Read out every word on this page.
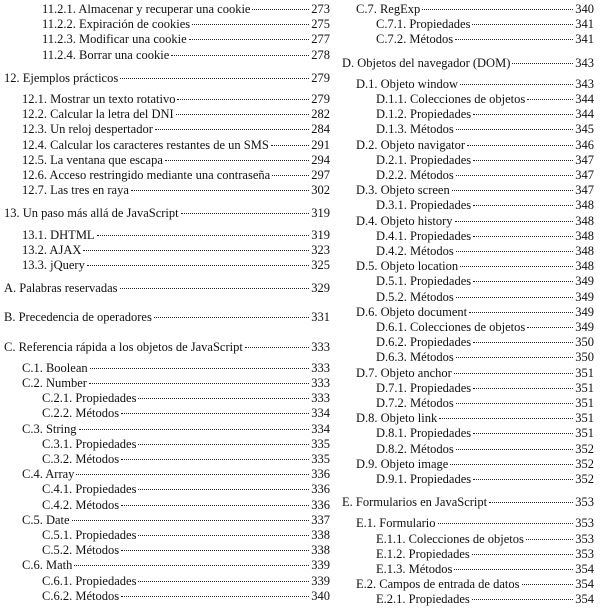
11.2.1. Almacenar y recuperar una cookie	273
11.2.2. Expiración de cookies	275
11.2.3. Modificar una cookie	277
11.2.4. Borrar una cookie	278
12. Ejemplos prácticos	279
12.1. Mostrar un texto rotativo	279
12.2. Calcular la letra del DNI	282
12.3. Un reloj despertador	284
12.4. Calcular los caracteres restantes de un SMS	291
12.5. La ventana que escapa	294
12.6. Acceso restringido mediante una contraseña	297
12.7. Las tres en raya	302
13. Un paso más allá de JavaScript	319
13.1. DHTML	319
13.2. AJAX	323
13.3. jQuery	325
A. Palabras reservadas	329
B. Precedencia de operadores	331
C. Referencia rápida a los objetos de JavaScript	333
C.1. Boolean	333
C.2. Number	333
C.2.1. Propiedades	333
C.2.2. Métodos	334
C.3. String	334
C.3.1. Propiedades	335
C.3.2. Métodos	335
C.4. Array	336
C.4.1. Propiedades	336
C.4.2. Métodos	336
C.5. Date	337
C.5.1. Propiedades	338
C.5.2. Métodos	338
C.6. Math	339
C.6.1. Propiedades	339
C.6.2. Métodos	340
C.7. RegExp	340
C.7.1. Propiedades	341
C.7.2. Métodos	341
D. Objetos del navegador (DOM)	343
D.1. Objeto window	343
D.1.1. Colecciones de objetos	344
D.1.2. Propiedades	344
D.1.3. Métodos	345
D.2. Objeto navigator	346
D.2.1. Propiedades	347
D.2.2. Métodos	347
D.3. Objeto screen	347
D.3.1. Propiedades	348
D.4. Objeto history	348
D.4.1. Propiedades	348
D.4.2. Métodos	348
D.5. Objeto location	348
D.5.1. Propiedades	349
D.5.2. Métodos	349
D.6. Objeto document	349
D.6.1. Colecciones de objetos	349
D.6.2. Propiedades	350
D.6.3. Métodos	350
D.7. Objeto anchor	351
D.7.1. Propiedades	351
D.7.2. Métodos	351
D.8. Objeto link	351
D.8.1. Propiedades	351
D.8.2. Métodos	352
D.9. Objeto image	352
D.9.1. Propiedades	352
E. Formularios en JavaScript	353
E.1. Formulario	353
E.1.1. Colecciones de objetos	353
E.1.2. Propiedades	353
E.1.3. Métodos	354
E.2. Campos de entrada de datos	354
E.2.1. Propiedades	354
